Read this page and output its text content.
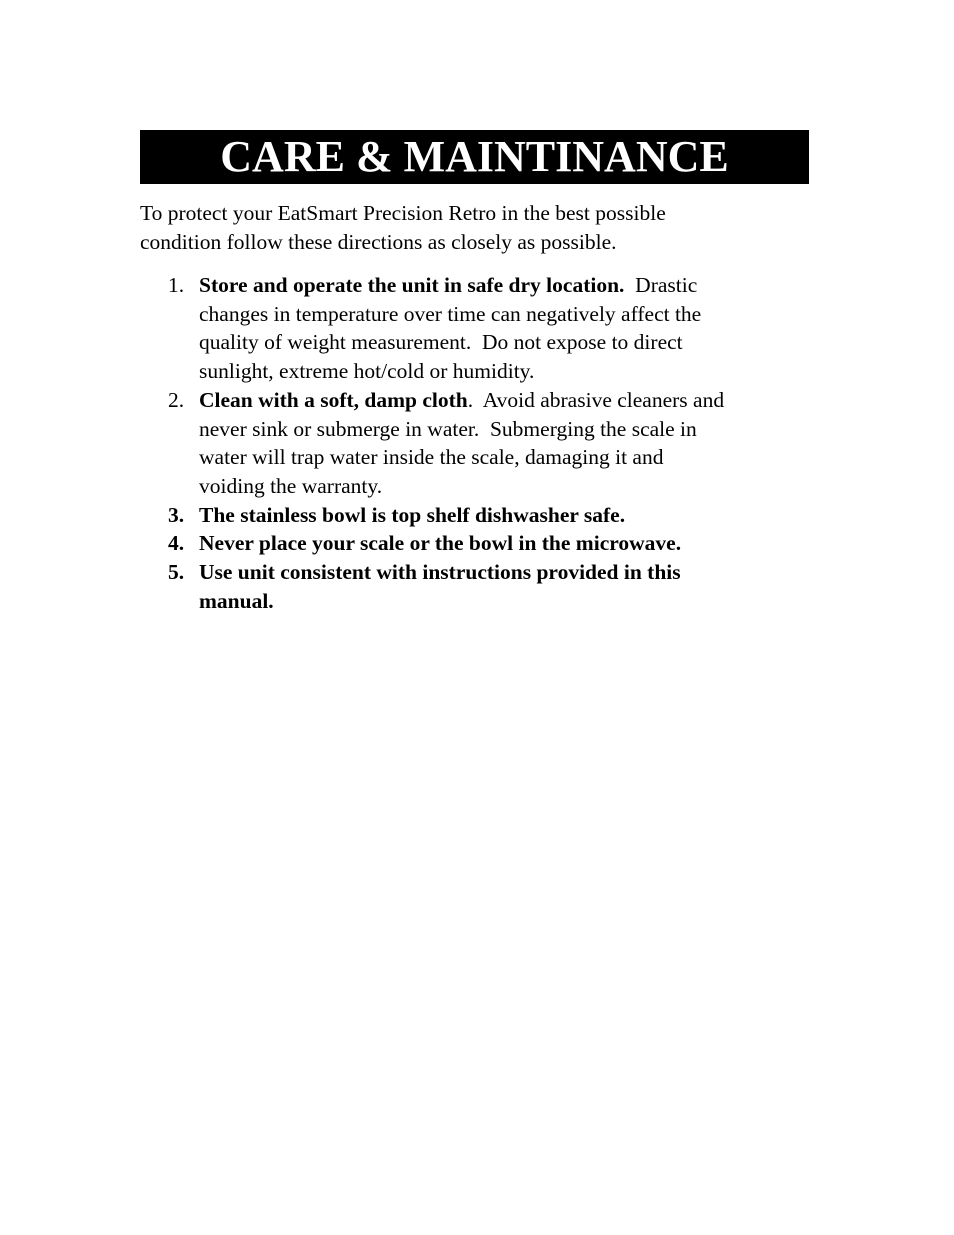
CARE & MAINTINANCE

To protect your EatSmart Precision Retro in the best possible
condition follow these directions as closely as possible.

1. Store and operate the unit in safe dry location.  Drastic
changes in temperature over time can negatively affect the
quality of weight measurement.  Do not expose to direct
sunlight, extreme hot/cold or humidity.
2. Clean with a soft, damp cloth.  Avoid abrasive cleaners and
never sink or submerge in water.  Submerging the scale in
water will trap water inside the scale, damaging it and
voiding the warranty.
3. The stainless bowl is top shelf dishwasher safe.
4. Never place your scale or the bowl in the microwave.
5. Use unit consistent with instructions provided in this
manual.
